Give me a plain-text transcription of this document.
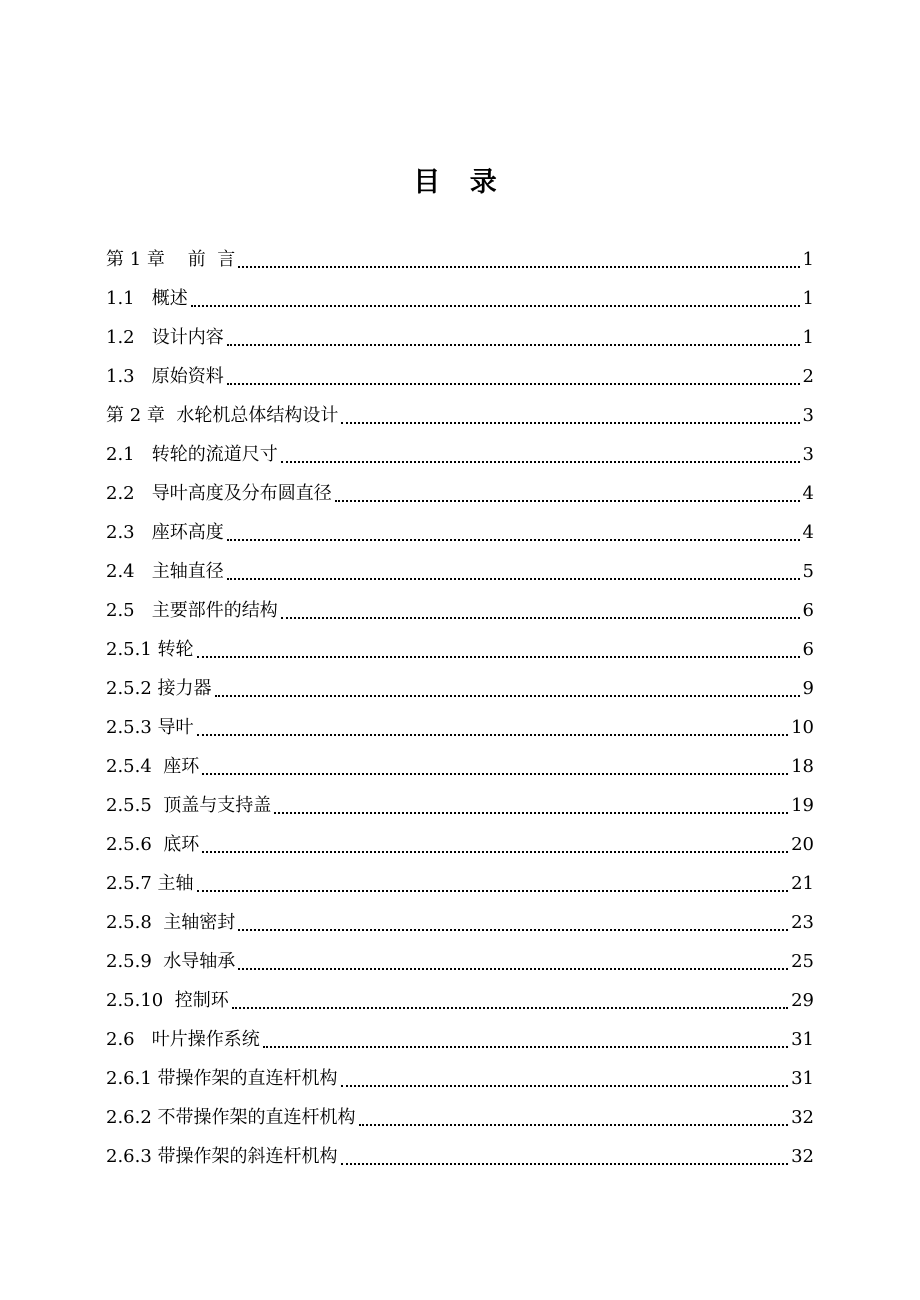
目 录
第 1 章    前  言	1
1.1   概述	1
1.2   设计内容	1
1.3   原始资料	2
第 2 章  水轮机总体结构设计	3
2.1   转轮的流道尺寸	3
2.2   导叶高度及分布圆直径	4
2.3   座环高度	4
2.4   主轴直径	5
2.5   主要部件的结构	6
2.5.1 转轮	6
2.5.2 接力器	9
2.5.3 导叶	10
2.5.4  座环	18
2.5.5  顶盖与支持盖	19
2.5.6  底环	20
2.5.7 主轴	21
2.5.8  主轴密封	23
2.5.9  水导轴承	25
2.5.10  控制环	29
2.6   叶片操作系统	31
2.6.1 带操作架的直连杆机构	31
2.6.2 不带操作架的直连杆机构	32
2.6.3 带操作架的斜连杆机构	32
